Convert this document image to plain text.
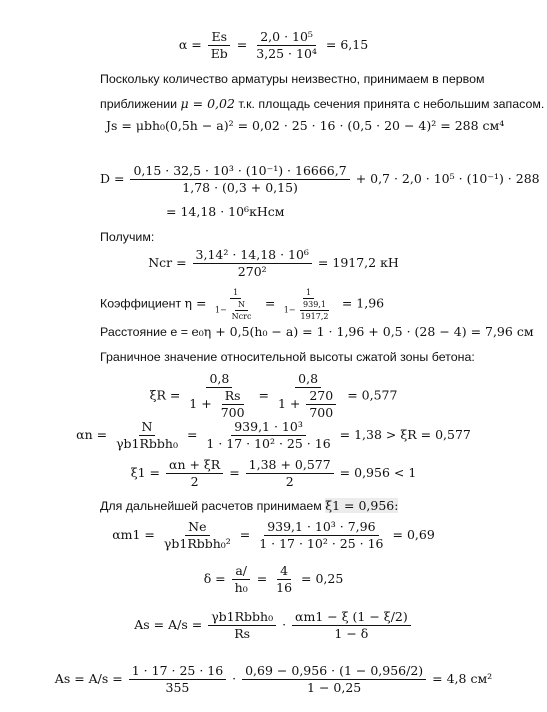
$\alpha = \frac{Es}{Eb} = \frac{\text{2,0 · 10⁵}}{\text{3,25 · 10⁴}} = 6,15$
Поскольку количество арматуры неизвестно, принимаем в первом
приближении μ = 0,02 т.к. площадь сечения принята с небольшим запасом.
Js = μbh₀(0,5h − a)² = 0,02 · 25 · 16 · (0,5 · 20 − 4)² = 288 см⁴
$D = \frac{\text{0,15 · 32,5 · 10³ · (10⁻¹) · 16666,7}}{1,78 \cdot (0,3 + 0,15)} + 0,7 \cdot 2,0 \cdot 10^5 \cdot (10^{-1}) \cdot 288$
= 14,18 · 10⁶кНсм
Получим:
Ncr = $\frac{\text{3,14² · 14,18 · 10⁶}}{\text{270²}} = 1917,2$ кН
Коэффициент $\eta = \frac{1}{1- \frac{N}{\text{Ncrc}}} = \frac{1}{1- \frac{939,1}{1917,2}} = 1,96$
Расстояние e = e₀η + 0,5(h₀ − a) = 1 · 1,96 + 0,5 · (28 − 4) = 7,96 см
Граничное значение относительной высоты сжатой зоны бетона:
$\xi R = \frac{0,8}{1 + \frac{Rs}{700}} = \frac{0,8}{1 + \frac{270}{700}} = 0,577$
$\alpha n = \frac{N}{\text{γb1Rbbh₀}} = \frac{\text{939,1 · 10³}}{\text{1 · 17 · 10² · 25 · 16}} = 1,38 > \xi R = 0,577$
$\xi 1 = \frac{\alpha n + \xi R}{2} = \frac{1,38 + 0,577}{2} = 0,956 < 1$
Для дальнейшей расчетов принимаем ξ1 = 0,956:
$\alpha m1 = \frac{Ne}{\text{γb1Rbbh₀²}} = \frac{\text{939,1 · 10³ · 7,96}}{\text{1 · 17 · 10² · 25 · 16}} = 0,69$
$\delta = \frac{a/}{\text{h₀}} = \frac{4}{16} = 0,25$
$As = A/s = \frac{\text{γb1Rbbh₀}}{Rs} \cdot \frac{\alpha m1 - \xi (1 - \xi/2)}{1 - \delta}$
$As = A/s = \frac{1 \cdot 17 \cdot 25 \cdot 16}{355} \cdot \frac{0,69 - 0,956 \cdot (1 - 0,956/2)}{1 - 0,25} = 4,8$ см²
